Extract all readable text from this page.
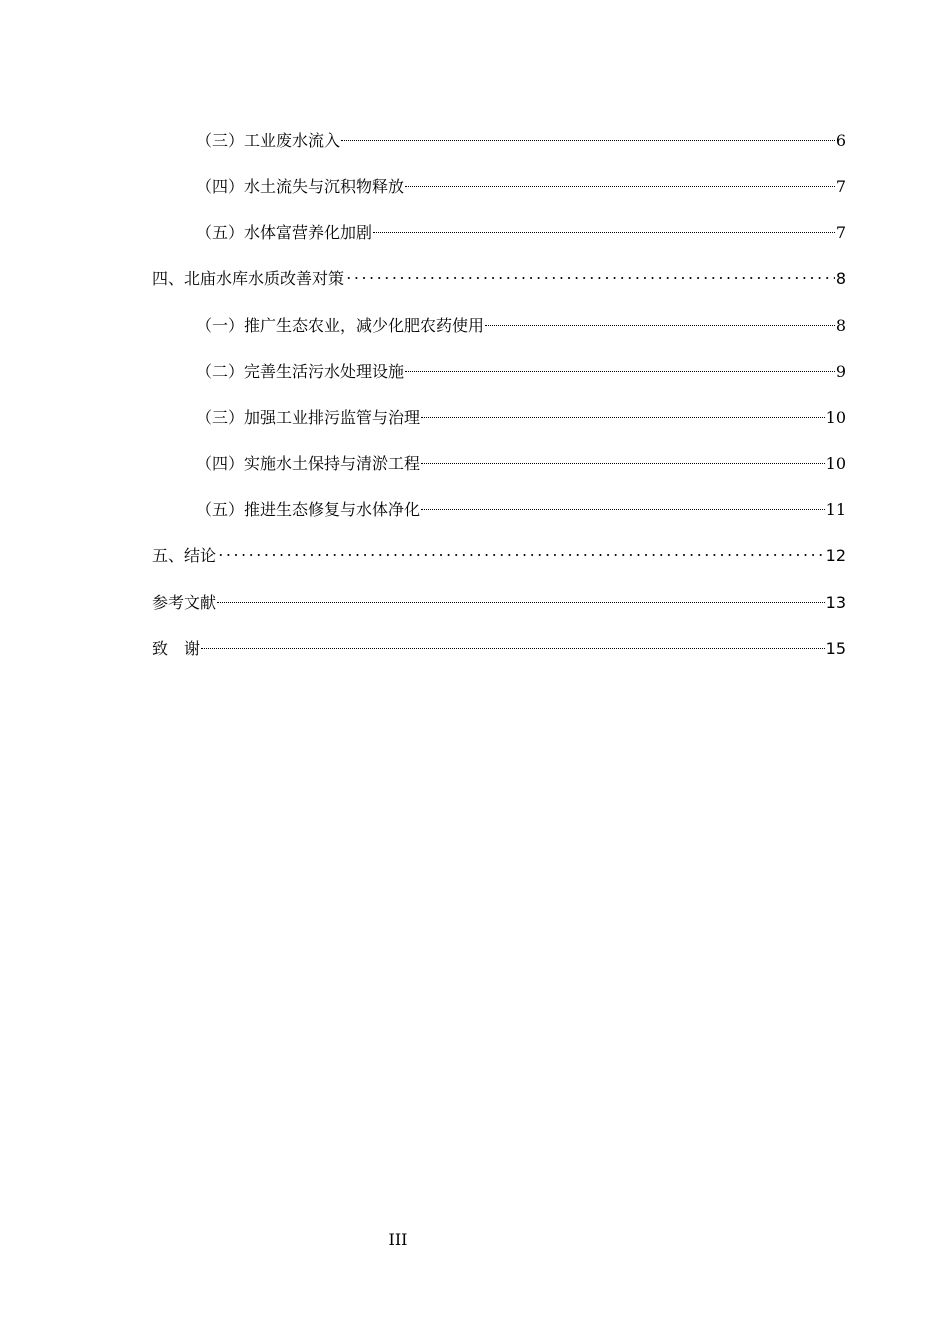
（三）工业废水流入	6
（四）水土流失与沉积物释放	7
（五）水体富营养化加剧	7
四、北庙水库水质改善对策	8
（一）推广生态农业，减少化肥农药使用	8
（二）完善生活污水处理设施	9
（三）加强工业排污监管与治理	10
（四）实施水土保持与清淤工程	10
（五）推进生态修复与水体净化	11
五、结论	12
参考文献	13
致　谢	15
III
